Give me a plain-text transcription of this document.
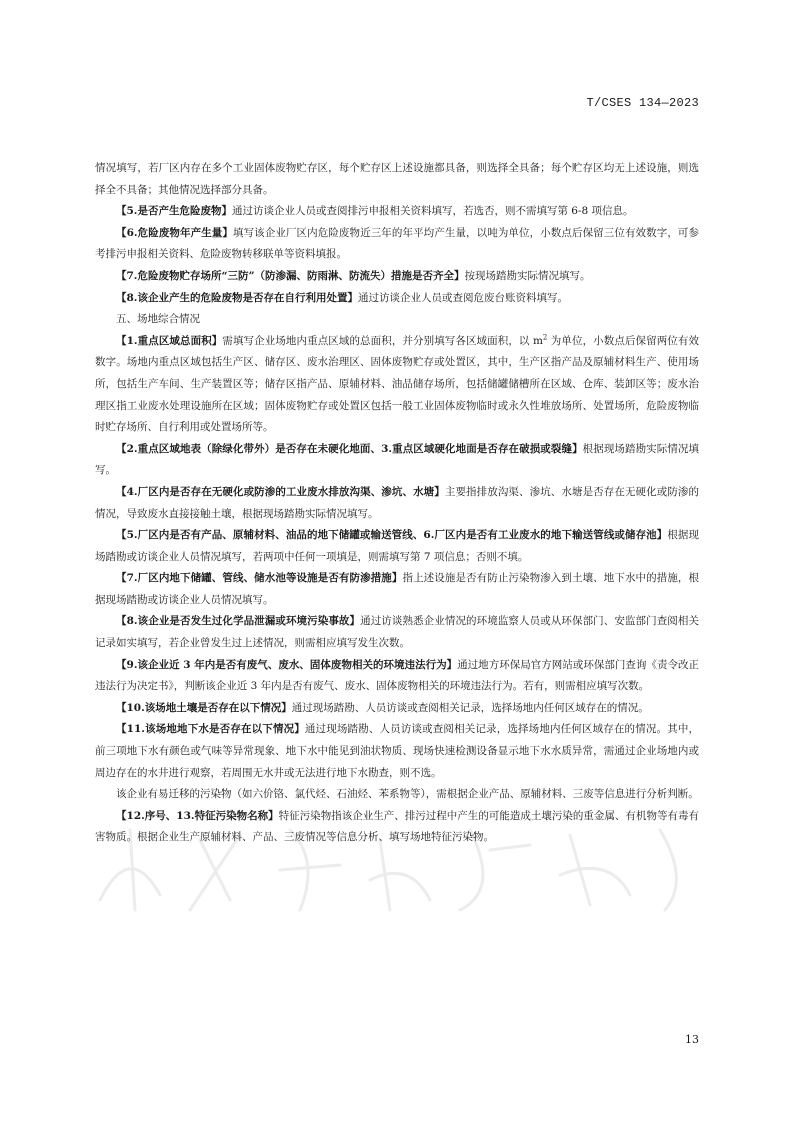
T/CSES 134—2023

情况填写，若厂区内存在多个工业固体废物贮存区，每个贮存区上述设施都具备，则选择全具备；每个贮存区均无上述设施，则选择全不具备；其他情况选择部分具备。

【5.是否产生危险废物】通过访谈企业人员或查阅排污申报相关资料填写，若选否，则不需填写第 6-8 项信息。

【6.危险废物年产生量】填写该企业厂区内危险废物近三年的年平均产生量，以吨为单位，小数点后保留三位有效数字，可参考排污申报相关资料、危险废物转移联单等资料填报。

【7.危险废物贮存场所“三防”（防渗漏、防雨淋、防流失）措施是否齐全】按现场踏勘实际情况填写。

【8.该企业产生的危险废物是否存在自行利用处置】通过访谈企业人员或查阅危废台账资料填写。

五、场地综合情况

【1.重点区域总面积】需填写企业场地内重点区域的总面积，并分别填写各区域面积，以 $m^2$ 为单位，小数点后保留两位有效数字。场地内重点区域包括生产区、储存区、废水治理区、固体废物贮存或处置区，其中，生产区指产品及原辅材料生产、使用场所，包括生产车间、生产装置区等；储存区指产品、原辅材料、油品储存场所，包括储罐储槽所在区域、仓库、装卸区等；废水治理区指工业废水处理设施所在区域；固体废物贮存或处置区包括一般工业固体废物临时或永久性堆放场所、处置场所，危险废物临时贮存场所、自行利用或处置场所等。

【2.重点区域地表（除绿化带外）是否存在未硬化地面、3.重点区域硬化地面是否存在破损或裂缝】根据现场踏勘实际情况填写。

【4.厂区内是否存在无硬化或防渗的工业废水排放沟渠、渗坑、水塘】主要指排放沟渠、渗坑、水塘是否存在无硬化或防渗的情况，导致废水直接接触土壤，根据现场踏勘实际情况填写。

【5.厂区内是否有产品、原辅材料、油品的地下储罐或输送管线、6.厂区内是否有工业废水的地下输送管线或储存池】根据现场踏勘或访谈企业人员情况填写，若两项中任何一项填是，则需填写第 7 项信息；否则不填。

【7.厂区内地下储罐、管线、储水池等设施是否有防渗措施】指上述设施是否有防止污染物渗入到土壤、地下水中的措施，根据现场踏勘或访谈企业人员情况填写。

【8.该企业是否发生过化学品泄漏或环境污染事故】通过访谈熟悉企业情况的环境监察人员或从环保部门、安监部门查阅相关记录如实填写，若企业曾发生过上述情况，则需相应填写发生次数。

【9.该企业近 3 年内是否有废气、废水、固体废物相关的环境违法行为】通过地方环保局官方网站或环保部门查询《责令改正违法行为决定书》，判断该企业近 3 年内是否有废气、废水、固体废物相关的环境违法行为。若有，则需相应填写次数。

【10.该场地土壤是否存在以下情况】通过现场踏勘、人员访谈或查阅相关记录，选择场地内任何区域存在的情况。

【11.该场地地下水是否存在以下情况】通过现场踏勘、人员访谈或查阅相关记录，选择场地内任何区域存在的情况。其中，前三项地下水有颜色或气味等异常现象、地下水中能见到油状物质、现场快速检测设备显示地下水水质异常，需通过企业场地内或周边存在的水井进行观察，若周围无水井或无法进行地下水勘查，则不选。

该企业有易迁移的污染物（如六价铬、氯代烃、石油烃、苯系物等），需根据企业产品、原辅材料、三废等信息进行分析判断。

【12.序号、13.特征污染物名称】特征污染物指该企业生产、排污过程中产生的可能造成土壤污染的重金属、有机物等有毒有害物质。根据企业生产原辅材料、产品、三废情况等信息分析、填写场地特征污染物。

13
